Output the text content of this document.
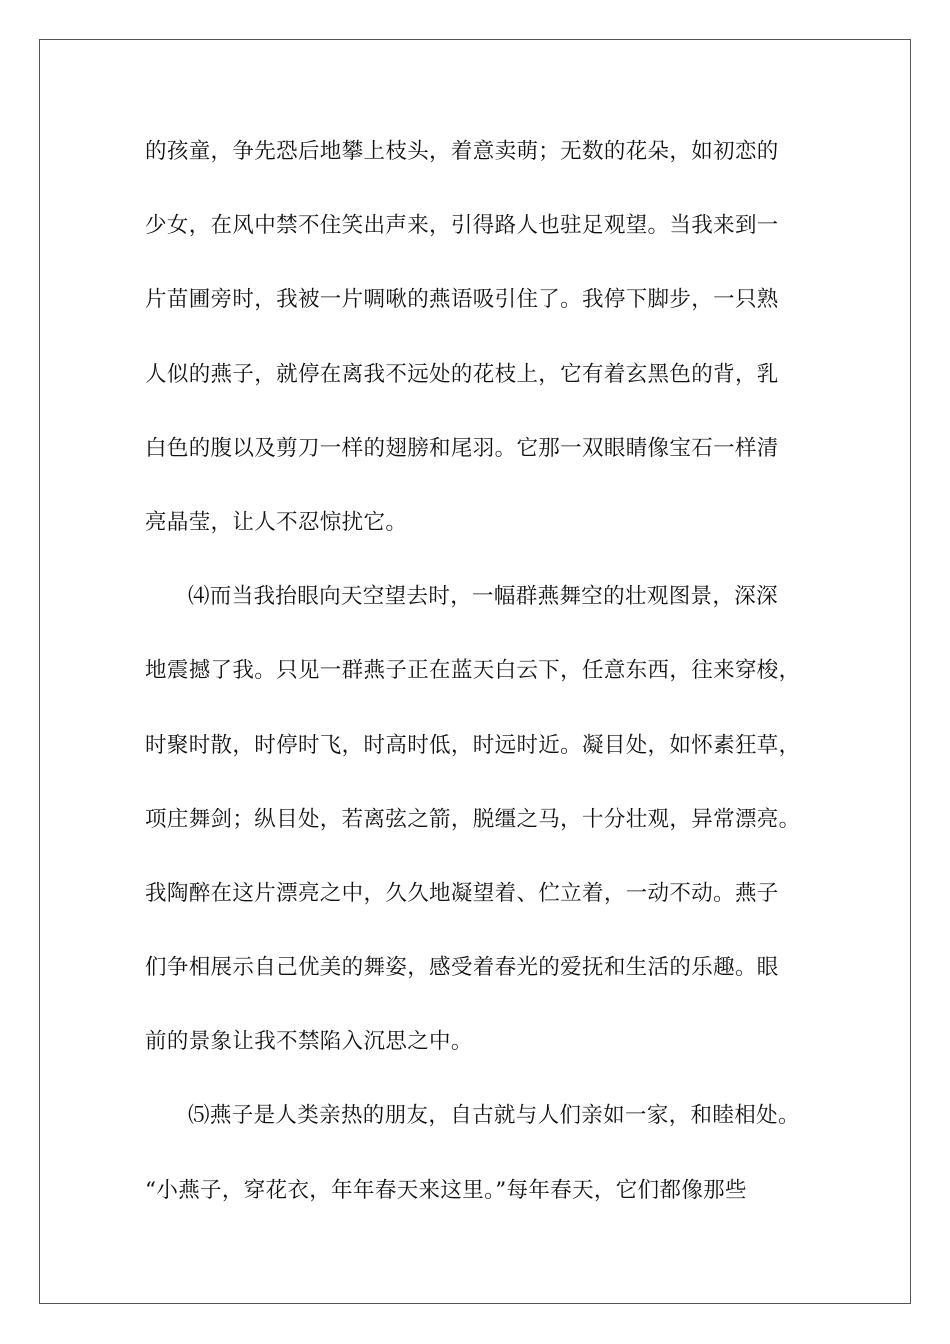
的孩童，争先恐后地攀上枝头，着意卖萌；无数的花朵，如初恋的
少女，在风中禁不住笑出声来，引得路人也驻足观望。当我来到一
片苗圃旁时，我被一片啁啾的燕语吸引住了。我停下脚步，一只熟
人似的燕子，就停在离我不远处的花枝上，它有着玄黑色的背，乳
白色的腹以及剪刀一样的翅膀和尾羽。它那一双眼睛像宝石一样清
亮晶莹，让人不忍惊扰它。
⑷而当我抬眼向天空望去时，一幅群燕舞空的壮观图景，深深
地震撼了我。只见一群燕子正在蓝天白云下，任意东西，往来穿梭，
时聚时散，时停时飞，时高时低，时远时近。凝目处，如怀素狂草，
项庄舞剑；纵目处，若离弦之箭，脱缰之马，十分壮观，异常漂亮。
我陶醉在这片漂亮之中，久久地凝望着、伫立着，一动不动。燕子
们争相展示自己优美的舞姿，感受着春光的爱抚和生活的乐趣。眼
前的景象让我不禁陷入沉思之中。
⑸燕子是人类亲热的朋友，自古就与人们亲如一家，和睦相处。
“小燕子，穿花衣，年年春天来这里。”每年春天，它们都像那些
